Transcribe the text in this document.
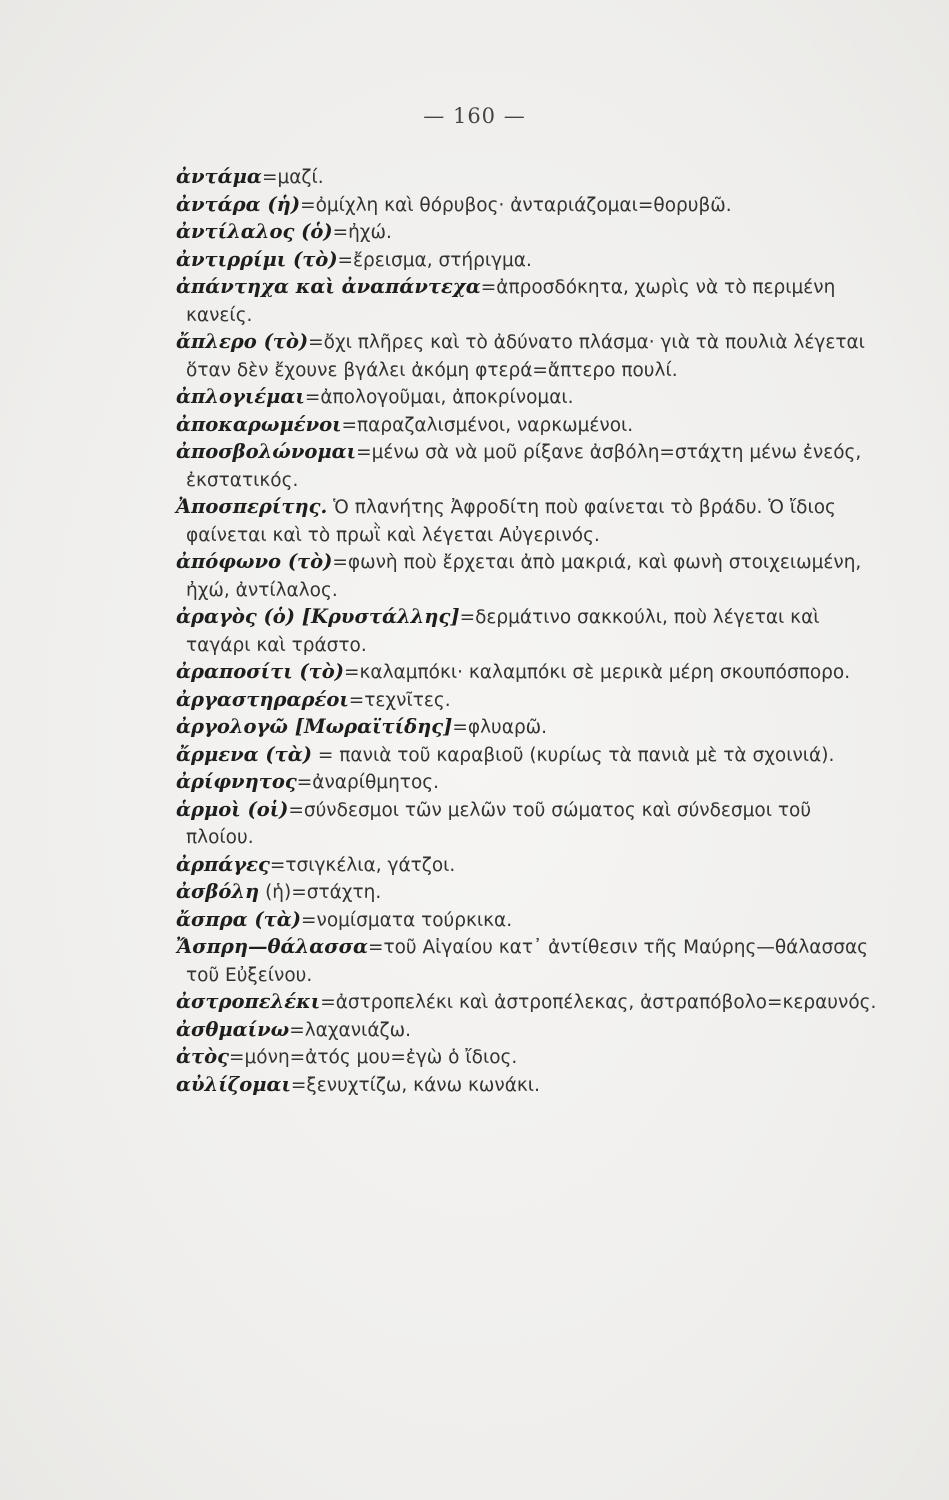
— 160 —

ἀντάμα=μαζί.

ἀντάρα (ἡ)=ὀμίχλη καὶ θόρυβος· ἀνταριάζομαι=θορυβῶ.

ἀντίλαλος (ὁ)=ἠχώ.

ἀντιρρίμι (τὸ)=ἔρεισμα, στήριγμα.

ἀπάντηχα καὶ ἀναπάντεχα=ἀπροσδόκητα, χωρὶς νὰ τὸ περιμένη κανείς.

ἄπλερο (τὸ)=ὄχι πλῆρες καὶ τὸ ἀδύνατο πλάσμα· γιὰ τὰ πουλιὰ λέγεται ὅταν δὲν ἔχουνε βγάλει ἀκόμη φτερά=ἄπτερο πουλί.

ἀπλογιέμαι=ἀπολογοῦμαι, ἀποκρίνομαι.

ἀποκαρωμένοι=παραζαλισμένοι, ναρκωμένοι.

ἀποσβολώνομαι=μένω σὰ νὰ μοῦ ρίξανε ἀσβόλη=στάχτη μένω ἐνεός, ἐκστατικός.

Ἀποσπερίτης. Ὁ πλανήτης Ἀφροδίτη ποὺ φαίνεται τὸ βράδυ. Ὁ ἴδιος φαίνεται καὶ τὸ πρωῒ καὶ λέγεται Αὐγερινός.

ἀπόφωνο (τὸ)=φωνὴ ποὺ ἔρχεται ἀπὸ μακριά, καὶ φωνὴ στοιχειωμένη, ἠχώ, ἀντίλαλος.

ἀραγὸς (ὁ) [Κρυστάλλης]=δερμάτινο σακκούλι, ποὺ λέγεται καὶ ταγάρι καὶ τράστο.

ἀραποσίτι (τὸ)=καλαμπόκι· καλαμπόκι σὲ μερικὰ μέρη σκουπόσπορο.

ἀργαστηραρέοι=τεχνῖτες.

ἀργολογῶ [Μωραϊτίδης]=φλυαρῶ.

ἄρμενα (τὰ) = πανιὰ τοῦ καραβιοῦ (κυρίως τὰ πανιὰ μὲ τὰ σχοινιά).

ἀρίφνητος=ἀναρίθμητος.

ἁρμοὶ (οἱ)=σύνδεσμοι τῶν μελῶν τοῦ σώματος καὶ σύνδεσμοι τοῦ πλοίου.

ἀρπάγες=τσιγκέλια, γάτζοι.

ἀσβόλη (ἡ)=στάχτη.

ἄσπρα (τὰ)=νομίσματα τούρκικα.

Ἄσπρη—θάλασσα=τοῦ Αἰγαίου κατ᾿ ἀντίθεσιν τῆς Μαύρης—θάλασσας τοῦ Εὐξείνου.

ἀστροπελέκι=ἀστροπελέκι καὶ ἀστροπέλεκας, ἀστραπόβολο=κεραυνός.

ἀσθμαίνω=λαχανιάζω.

ἀτὸς=μόνη=ἀτός μου=ἐγὼ ὁ ἴδιος.

αὐλίζομαι=ξενυχτίζω, κάνω κωνάκι.
